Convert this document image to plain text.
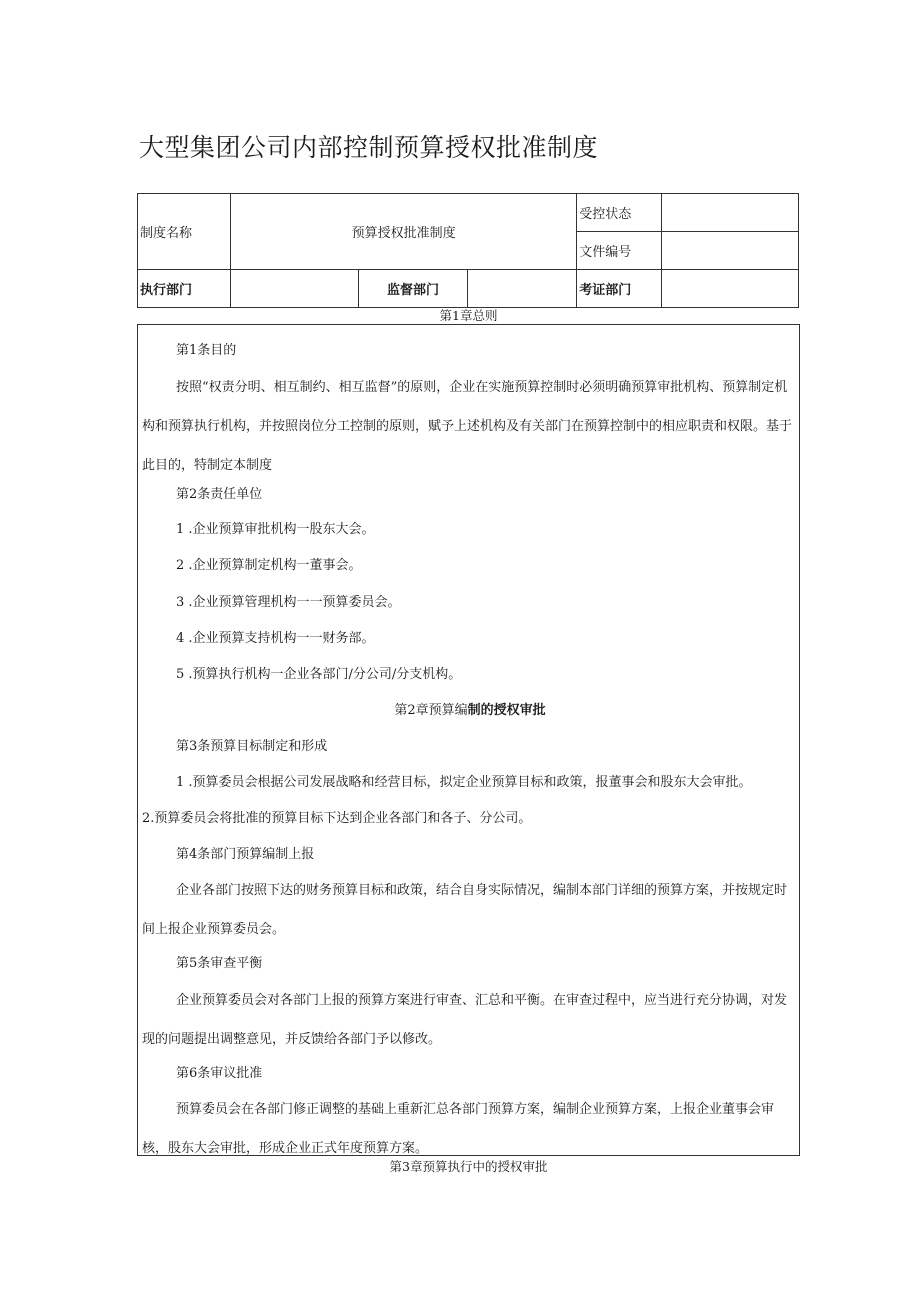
大型集团公司内部控制预算授权批准制度
制度名称	预算授权批准制度			受控状态	
				文件编号	
执行部门		监督部门		考证部门	
第1章总则

第1条目的

按照“权责分明、相互制约、相互监督”的原则，企业在实施预算控制时必须明确预算审批机构、预算制定机构和预算执行机构，并按照岗位分工控制的原则，赋予上述机构及有关部门在预算控制中的相应职责和权限。基于此目的，特制定本制度

第2条责任单位

1 .企业预算审批机构一股东大会。

2 .企业预算制定机构一董事会。

3 .企业预算管理机构一一预算委员会。

4 .企业预算支持机构一一财务部。

5 .预算执行机构一企业各部门/分公司/分支机构。

第2章预算编制的授权审批

第3条预算目标制定和形成

1 .预算委员会根据公司发展战略和经营目标，拟定企业预算目标和政策，报董事会和股东大会审批。

2.预算委员会将批准的预算目标下达到企业各部门和各子、分公司。

第4条部门预算编制上报

企业各部门按照下达的财务预算目标和政策，结合自身实际情况，编制本部门详细的预算方案，并按规定时间上报企业预算委员会。

第5条审查平衡

企业预算委员会对各部门上报的预算方案进行审查、汇总和平衡。在审查过程中，应当进行充分协调，对发现的问题提出调整意见，并反馈给各部门予以修改。

第6条审议批准

预算委员会在各部门修正调整的基础上重新汇总各部门预算方案，编制企业预算方案，上报企业董事会审核，股东大会审批，形成企业正式年度预算方案。

第3章预算执行中的授权审批
